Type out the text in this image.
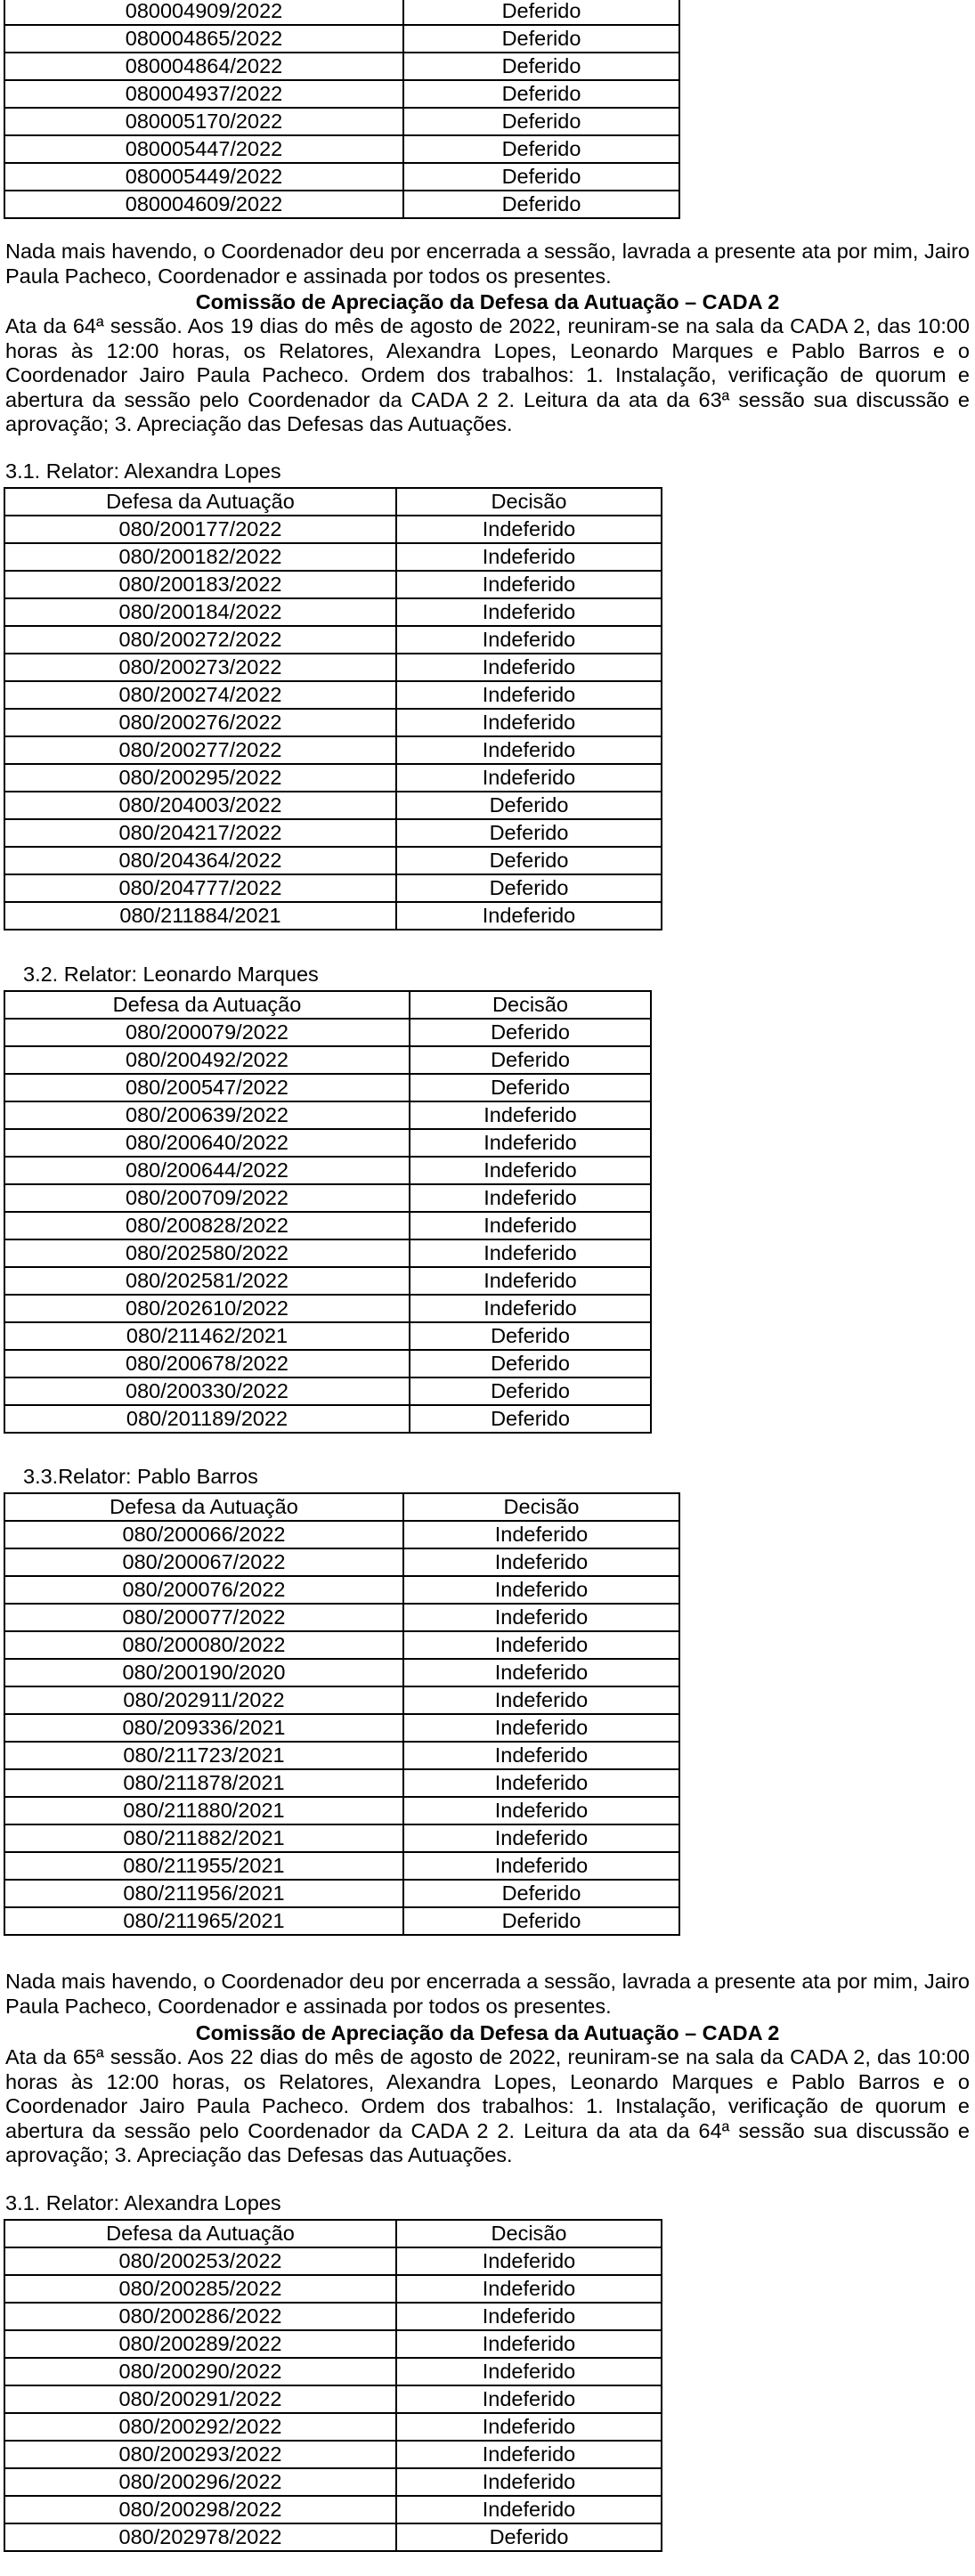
080004909/2022	Deferido
080004865/2022	Deferido
080004864/2022	Deferido
080004937/2022	Deferido
080005170/2022	Deferido
080005447/2022	Deferido
080005449/2022	Deferido
080004609/2022	Deferido
Nada mais havendo, o Coordenador deu por encerrada a sessão, lavrada a presente ata por mim, Jairo Paula Pacheco, Coordenador e assinada por todos os presentes.
Comissão de Apreciação da Defesa da Autuação – CADA 2
Ata da 64ª sessão. Aos 19 dias do mês de agosto de 2022, reuniram-se na sala da CADA 2, das 10:00 horas às 12:00 horas, os Relatores, Alexandra Lopes, Leonardo Marques e Pablo Barros e o Coordenador Jairo Paula Pacheco. Ordem dos trabalhos: 1. Instalação, verificação de quorum e abertura da sessão pelo Coordenador da CADA 2 2. Leitura da ata da 63ª sessão sua discussão e aprovação; 3. Apreciação das Defesas das Autuações.
3.1. Relator: Alexandra Lopes
Defesa da Autuação	Decisão
080/200177/2022	Indeferido
080/200182/2022	Indeferido
080/200183/2022	Indeferido
080/200184/2022	Indeferido
080/200272/2022	Indeferido
080/200273/2022	Indeferido
080/200274/2022	Indeferido
080/200276/2022	Indeferido
080/200277/2022	Indeferido
080/200295/2022	Indeferido
080/204003/2022	Deferido
080/204217/2022	Deferido
080/204364/2022	Deferido
080/204777/2022	Deferido
080/211884/2021	Indeferido
3.2. Relator: Leonardo Marques
Defesa da Autuação	Decisão
080/200079/2022	Deferido
080/200492/2022	Deferido
080/200547/2022	Deferido
080/200639/2022	Indeferido
080/200640/2022	Indeferido
080/200644/2022	Indeferido
080/200709/2022	Indeferido
080/200828/2022	Indeferido
080/202580/2022	Indeferido
080/202581/2022	Indeferido
080/202610/2022	Indeferido
080/211462/2021	Deferido
080/200678/2022	Deferido
080/200330/2022	Deferido
080/201189/2022	Deferido
3.3.Relator: Pablo Barros
Defesa da Autuação	Decisão
080/200066/2022	Indeferido
080/200067/2022	Indeferido
080/200076/2022	Indeferido
080/200077/2022	Indeferido
080/200080/2022	Indeferido
080/200190/2020	Indeferido
080/202911/2022	Indeferido
080/209336/2021	Indeferido
080/211723/2021	Indeferido
080/211878/2021	Indeferido
080/211880/2021	Indeferido
080/211882/2021	Indeferido
080/211955/2021	Indeferido
080/211956/2021	Deferido
080/211965/2021	Deferido
Nada mais havendo, o Coordenador deu por encerrada a sessão, lavrada a presente ata por mim, Jairo Paula Pacheco, Coordenador e assinada por todos os presentes.
Comissão de Apreciação da Defesa da Autuação – CADA 2
Ata da 65ª sessão. Aos 22 dias do mês de agosto de 2022, reuniram-se na sala da CADA 2, das 10:00 horas às 12:00 horas, os Relatores, Alexandra Lopes, Leonardo Marques e Pablo Barros e o Coordenador Jairo Paula Pacheco. Ordem dos trabalhos: 1. Instalação, verificação de quorum e abertura da sessão pelo Coordenador da CADA 2 2. Leitura da ata da 64ª sessão sua discussão e aprovação; 3. Apreciação das Defesas das Autuações.
3.1. Relator: Alexandra Lopes
Defesa da Autuação	Decisão
080/200253/2022	Indeferido
080/200285/2022	Indeferido
080/200286/2022	Indeferido
080/200289/2022	Indeferido
080/200290/2022	Indeferido
080/200291/2022	Indeferido
080/200292/2022	Indeferido
080/200293/2022	Indeferido
080/200296/2022	Indeferido
080/200298/2022	Indeferido
080/202978/2022	Deferido
